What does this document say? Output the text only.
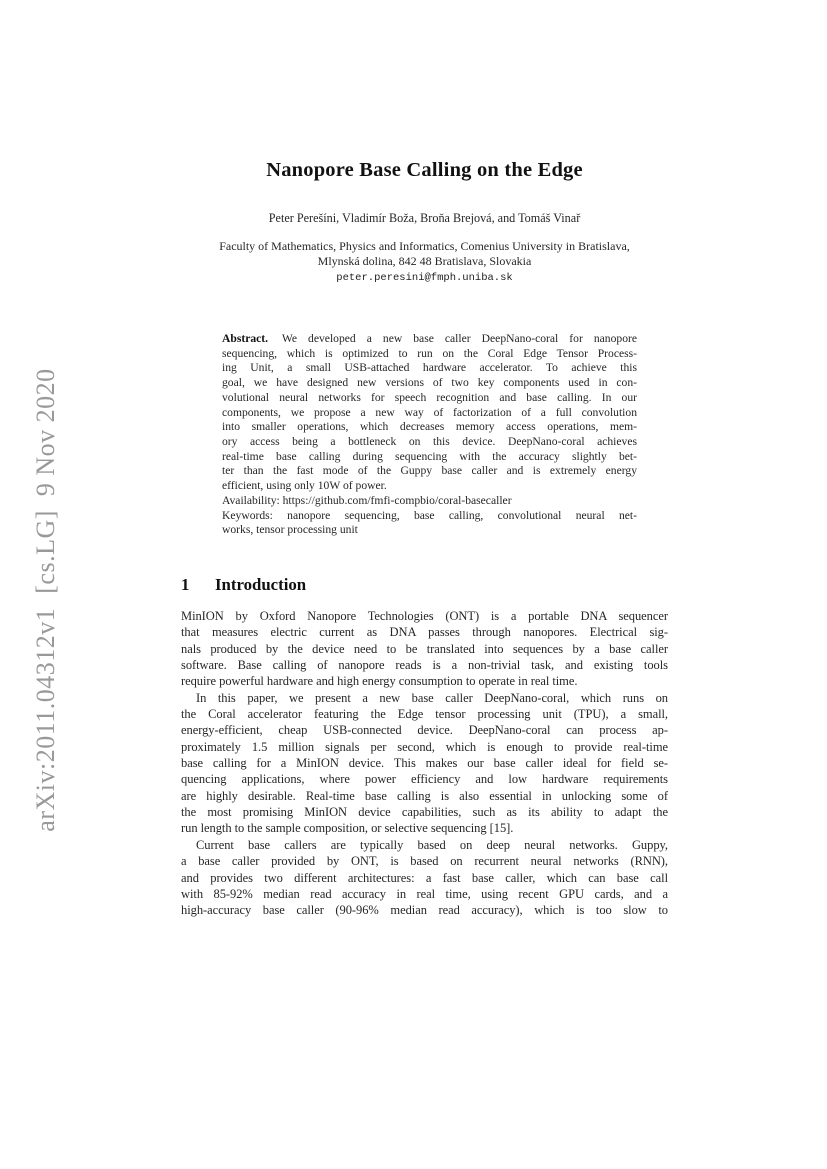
arXiv:2011.04312v1  [cs.LG]  9 Nov 2020
Nanopore Base Calling on the Edge
Peter Perešíni, Vladimír Boža, Broňa Brejová, and Tomáš Vinař
Faculty of Mathematics, Physics and Informatics, Comenius University in Bratislava,
Mlynská dolina, 842 48 Bratislava, Slovakia
peter.peresini@fmph.uniba.sk
Abstract. We developed a new base caller DeepNano-coral for nanopore
sequencing, which is optimized to run on the Coral Edge Tensor Process-
ing Unit, a small USB-attached hardware accelerator. To achieve this
goal, we have designed new versions of two key components used in con-
volutional neural networks for speech recognition and base calling. In our
components, we propose a new way of factorization of a full convolution
into smaller operations, which decreases memory access operations, mem-
ory access being a bottleneck on this device. DeepNano-coral achieves
real-time base calling during sequencing with the accuracy slightly bet-
ter than the fast mode of the Guppy base caller and is extremely energy
efficient, using only 10W of power.
Availability: https://github.com/fmfi-compbio/coral-basecaller
Keywords: nanopore sequencing, base calling, convolutional neural net-
works, tensor processing unit
1 Introduction
MinION by Oxford Nanopore Technologies (ONT) is a portable DNA sequencer
that measures electric current as DNA passes through nanopores. Electrical sig-
nals produced by the device need to be translated into sequences by a base caller
software. Base calling of nanopore reads is a non-trivial task, and existing tools
require powerful hardware and high energy consumption to operate in real time.
In this paper, we present a new base caller DeepNano-coral, which runs on
the Coral accelerator featuring the Edge tensor processing unit (TPU), a small,
energy-efficient, cheap USB-connected device. DeepNano-coral can process ap-
proximately 1.5 million signals per second, which is enough to provide real-time
base calling for a MinION device. This makes our base caller ideal for field se-
quencing applications, where power efficiency and low hardware requirements
are highly desirable. Real-time base calling is also essential in unlocking some of
the most promising MinION device capabilities, such as its ability to adapt the
run length to the sample composition, or selective sequencing [15].
Current base callers are typically based on deep neural networks. Guppy,
a base caller provided by ONT, is based on recurrent neural networks (RNN),
and provides two different architectures: a fast base caller, which can base call
with 85-92% median read accuracy in real time, using recent GPU cards, and a
high-accuracy base caller (90-96% median read accuracy), which is too slow to
